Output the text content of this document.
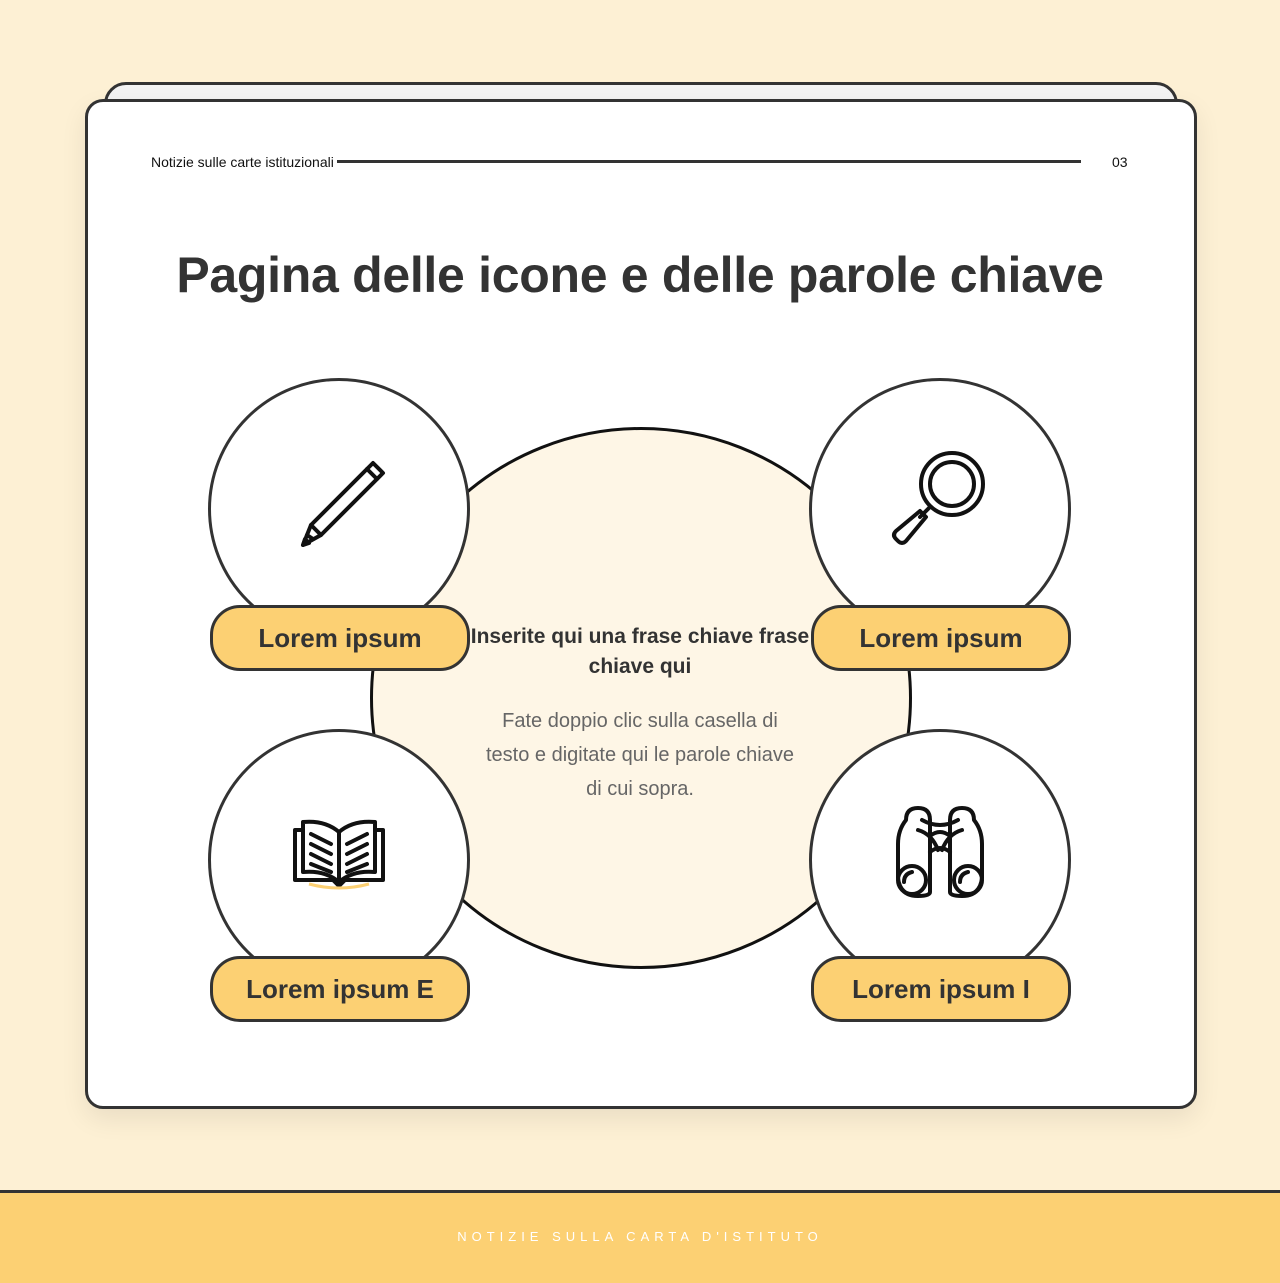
Notizie sulle carte istituzionali	03
Pagina delle icone e delle parole chiave
Inserite qui una frase chiave frase chiave qui
Fate doppio clic sulla casella di testo e digitate qui le parole chiave di cui sopra.
Lorem ipsum	Lorem ipsum
Lorem ipsum E	Lorem ipsum I
NOTIZIE SULLA CARTA D'ISTITUTO
